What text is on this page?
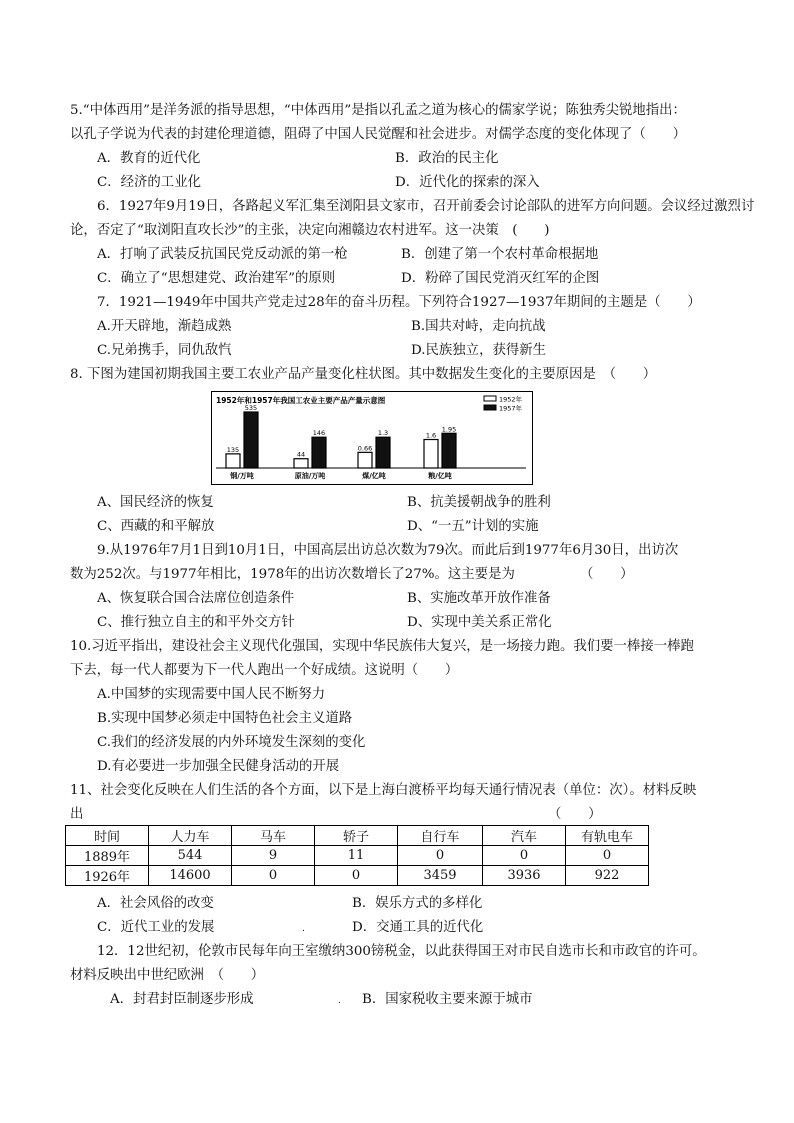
5.“中体西用”是洋务派的指导思想，“中体西用”是指以孔孟之道为核心的儒家学说；陈独秀尖锐地指出：
以孔子学说为代表的封建伦理道德，阻碍了中国人民觉醒和社会进步。对儒学态度的变化体现了（　　）
A．教育的近代化	B．政治的民主化
C．经济的工业化	D．近代化的探索的深入
6．1927年9月19日，各路起义军汇集至浏阳县文家市，召开前委会讨论部队的进军方向问题。会议经过激烈讨
论，否定了“取浏阳直攻长沙”的主张，决定向湘赣边农村进军。这一决策　(　　)
A．打响了武装反抗国民党反动派的第一枪	B．创建了第一个农村革命根据地
C．确立了“思想建党、政治建军”的原则	D．粉碎了国民党消灭红军的企图
7．1921—1949年中国共产党走过28年的奋斗历程。下列符合1927—1937年期间的主题是（　　）
A.开天辟地，渐趋成熟	B.国共对峙，走向抗战
C.兄弟携手，同仇敌忾	D.民族独立，获得新生
8. 下图为建国初期我国主要工农业产品产量变化柱状图。其中数据发生变化的主要原因是　（　　）
1952年和1957年我国工农业主要产品产量示意图	1952年
1957年
135
535
钢/万吨
44
146
原油/万吨
0.66
1.3
煤/亿吨
1.6
1.95
粮/亿吨
A、国民经济的恢复	B、抗美援朝战争的胜利
C、西藏的和平解放	D、“一五”计划的实施
9.从1976年7月1日到10月1日，中国高层出访总次数为79次。而此后到1977年6月30日，出访次
数为252次。与1977年相比，1978年的出访次数增长了27%。这主要是为	（　　）
A、恢复联合国合法席位创造条件	B、实施改革开放作准备
C、推行独立自主的和平外交方针	D、实现中美关系正常化
10.习近平指出，建设社会主义现代化强国，实现中华民族伟大复兴，是一场接力跑。我们要一棒接一棒跑
下去，每一代人都要为下一代人跑出一个好成绩。这说明（　　）
A.中国梦的实现需要中国人民不断努力
B.实现中国梦必须走中国特色社会主义道路
C.我们的经济发展的内外环境发生深刻的变化
D.有必要进一步加强全民健身活动的开展
11、社会变化反映在人们生活的各个方面，以下是上海白渡桥平均每天通行情况表（单位：次）。材料反映
出	（　　）
时间	人力车	马车	轿子	自行车	汽车	有轨电车
1889年	544	9	11	0	0	0
1926年	14600	0	0	3459	3936	922
A．社会风俗的改变	B．娱乐方式的多样化
C．近代工业的发展	.	D．交通工具的近代化
12．12世纪初，伦敦市民每年向王室缴纳300镑税金，以此获得国王对市民自选市长和市政官的许可。
材料反映出中世纪欧洲　（　　）
A．封君封臣制逐步形成	. B．国家税收主要来源于城市
